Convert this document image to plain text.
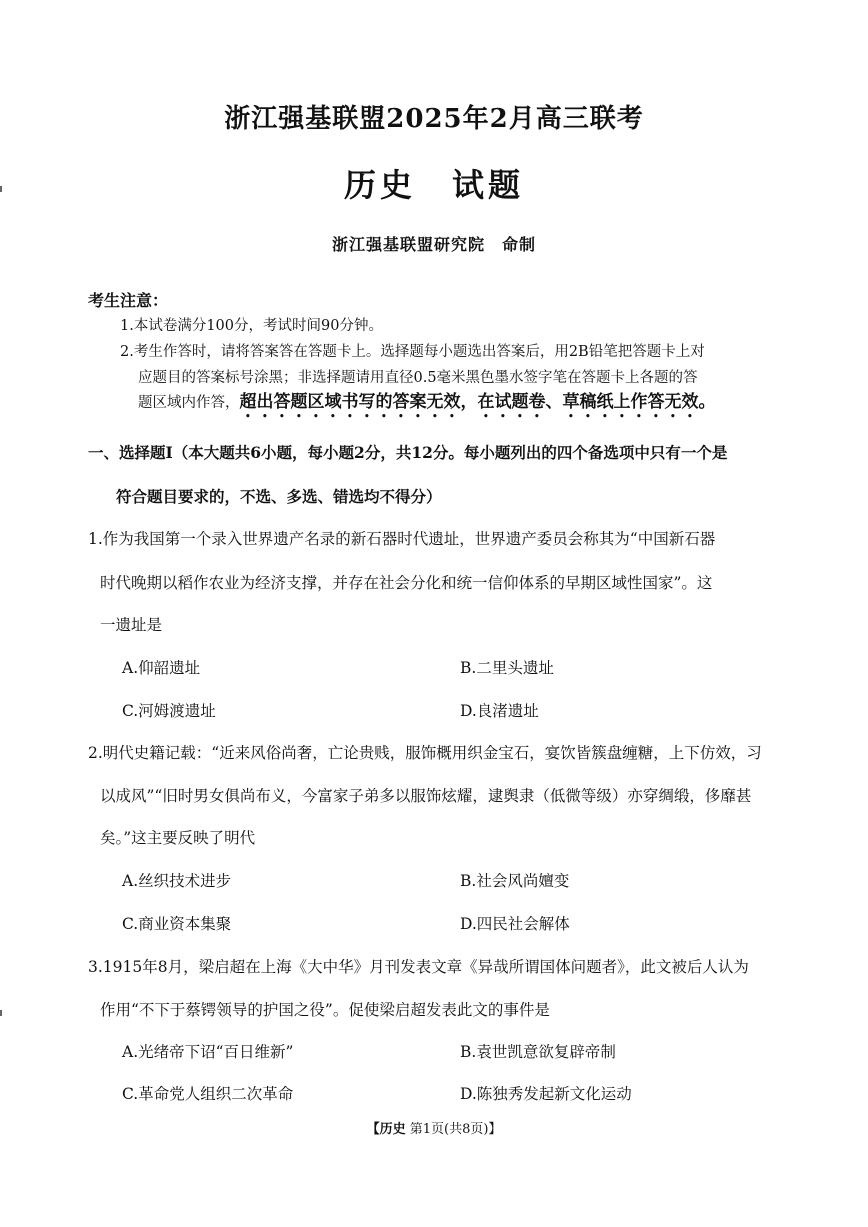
浙江强基联盟2025年2月高三联考
历史　试题
浙江强基联盟研究院　命制
考生注意：
1.本试卷满分100分，考试时间90分钟。
2.考生作答时，请将答案答在答题卡上。选择题每小题选出答案后，用2B铅笔把答题卡上对
应题目的答案标号涂黑；非选择题请用直径0.5毫米黑色墨水签字笔在答题卡上各题的答
题区域内作答，超出答题区域书写的答案无效，在试题卷、草稿纸上作答无效。
一、选择题Ⅰ（本大题共6小题，每小题2分，共12分。每小题列出的四个备选项中只有一个是
符合题目要求的，不选、多选、错选均不得分）
1.作为我国第一个录入世界遗产名录的新石器时代遗址，世界遗产委员会称其为“中国新石器
时代晚期以稻作农业为经济支撑，并存在社会分化和统一信仰体系的早期区域性国家”。这
一遗址是
A.仰韶遗址	B.二里头遗址
C.河姆渡遗址	D.良渚遗址
2.明代史籍记载：“近来风俗尚奢，亡论贵贱，服饰概用织金宝石，宴饮皆簇盘缠糖，上下仿效，习
以成风”“旧时男女俱尚布义，今富家子弟多以服饰炫耀，逮舆隶（低微等级）亦穿绸缎，侈靡甚
矣。”这主要反映了明代
A.丝织技术进步	B.社会风尚嬗变
C.商业资本集聚	D.四民社会解体
3.1915年8月，梁启超在上海《大中华》月刊发表文章《异哉所谓国体问题者》，此文被后人认为
作用“不下于蔡锷领导的护国之役”。促使梁启超发表此文的事件是
A.光绪帝下诏“百日维新”	B.袁世凯意欲复辟帝制
C.革命党人组织二次革命	D.陈独秀发起新文化运动
【历史 第1页(共8页)】
